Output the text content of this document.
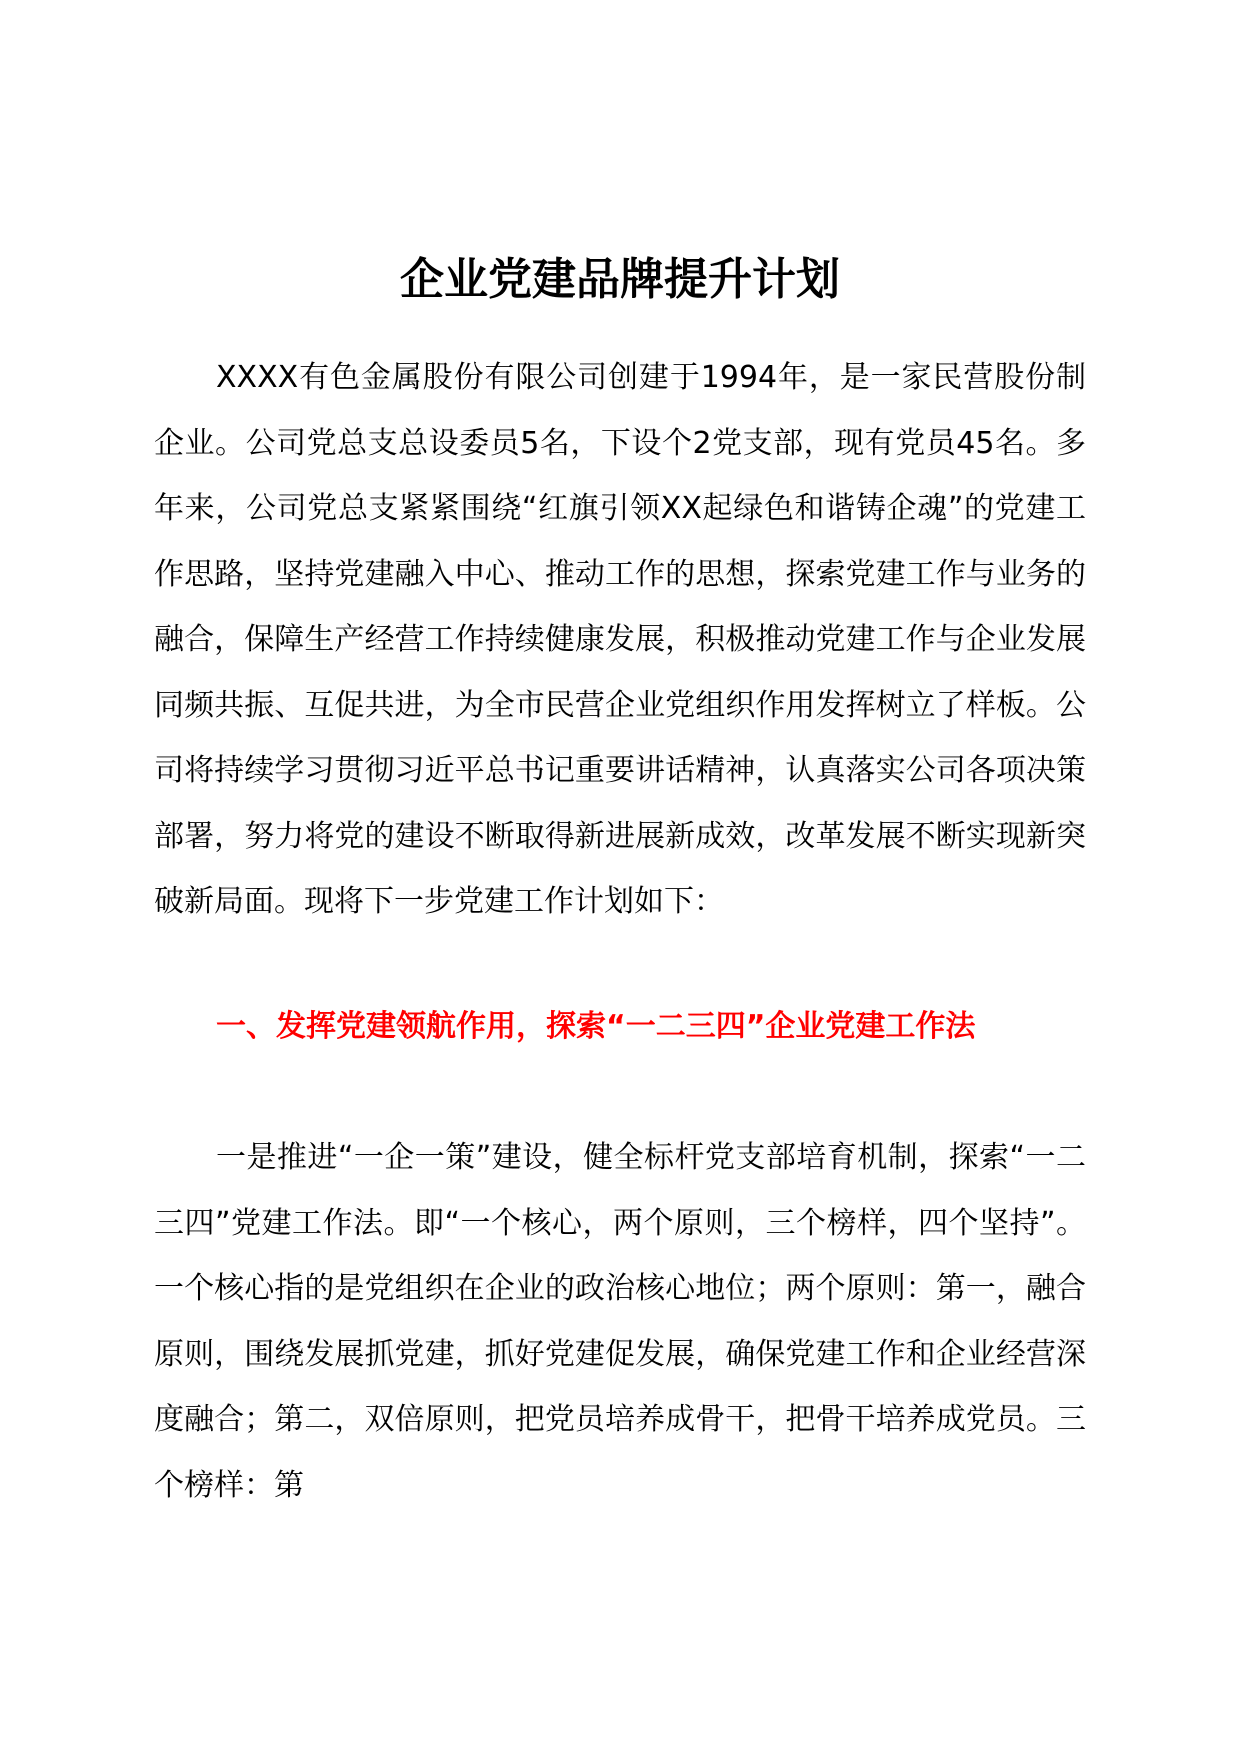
企业党建品牌提升计划

XXXX有色金属股份有限公司创建于1994年，是一家民营股份制企业。公司党总支总设委员5名，下设个2党支部，现有党员45名。多年来，公司党总支紧紧围绕“红旗引领XX起绿色和谐铸企魂”的党建工作思路，坚持党建融入中心、推动工作的思想，探索党建工作与业务的融合，保障生产经营工作持续健康发展，积极推动党建工作与企业发展同频共振、互促共进，为全市民营企业党组织作用发挥树立了样板。公司将持续学习贯彻习近平总书记重要讲话精神，认真落实公司各项决策部署，努力将党的建设不断取得新进展新成效，改革发展不断实现新突破新局面。现将下一步党建工作计划如下：

一、发挥党建领航作用，探索“一二三四”企业党建工作法

一是推进“一企一策”建设，健全标杆党支部培育机制，探索“一二三四”党建工作法。即“一个核心，两个原则，三个榜样，四个坚持”。一个核心指的是党组织在企业的政治核心地位；两个原则：第一，融合原则，围绕发展抓党建，抓好党建促发展，确保党建工作和企业经营深度融合；第二，双倍原则，把党员培养成骨干，把骨干培养成党员。三个榜样：第
